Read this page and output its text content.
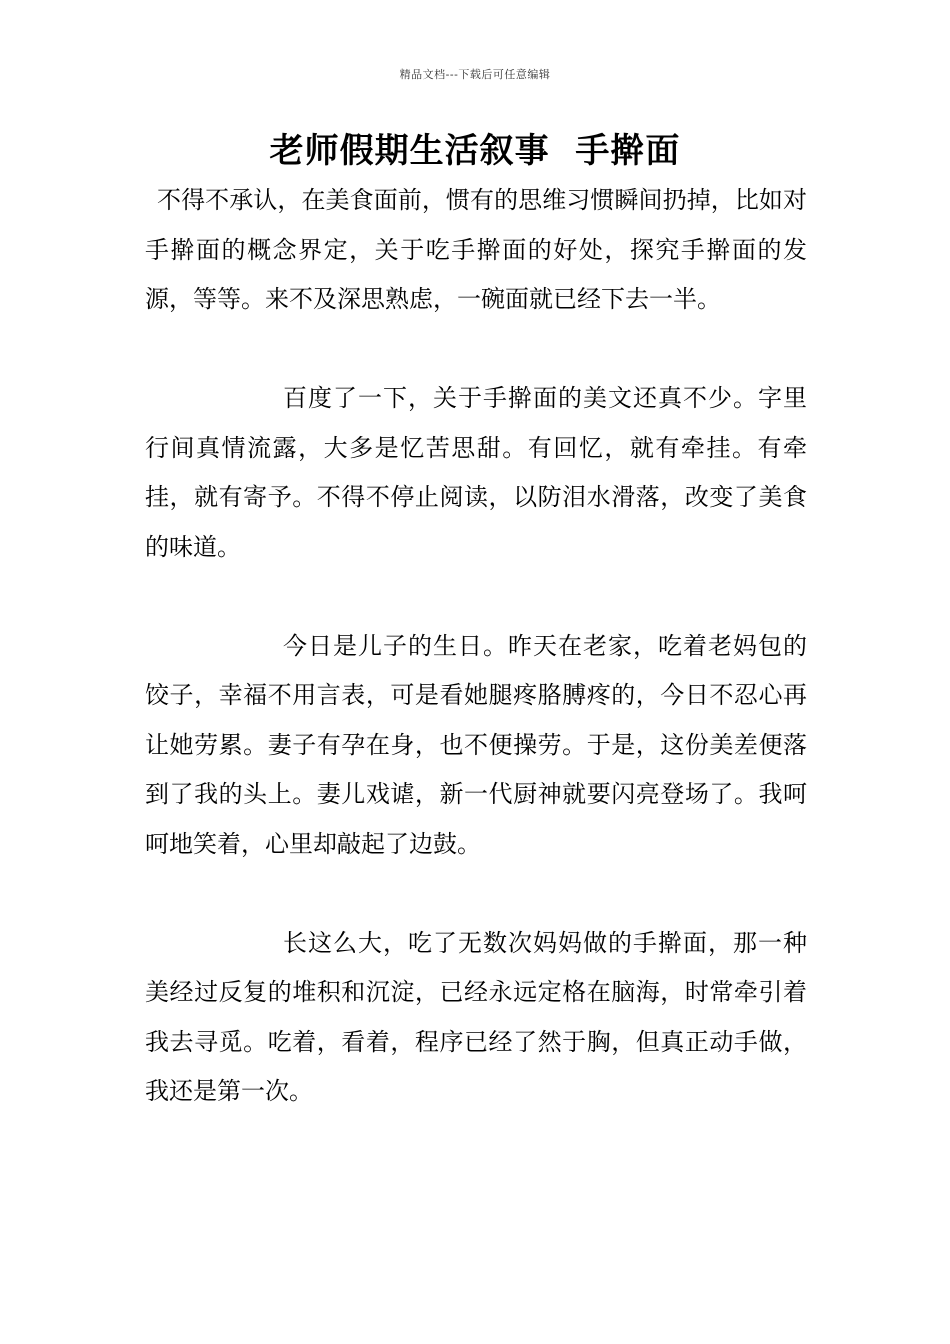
精品文档---下载后可任意编辑
老师假期生活叙事  手擀面

不得不承认，在美食面前，惯有的思维习惯瞬间扔掉，比如对手擀面的概念界定，关于吃手擀面的好处，探究手擀面的发源，等等。来不及深思熟虑，一碗面就已经下去一半。

百度了一下，关于手擀面的美文还真不少。字里行间真情流露，大多是忆苦思甜。有回忆，就有牵挂。有牵挂，就有寄予。不得不停止阅读，以防泪水滑落，改变了美食的味道。

今日是儿子的生日。昨天在老家，吃着老妈包的饺子，幸福不用言表，可是看她腿疼胳膊疼的，今日不忍心再让她劳累。妻子有孕在身，也不便操劳。于是，这份美差便落到了我的头上。妻儿戏谑，新一代厨神就要闪亮登场了。我呵呵地笑着，心里却敲起了边鼓。

长这么大，吃了无数次妈妈做的手擀面，那一种美经过反复的堆积和沉淀，已经永远定格在脑海，时常牵引着我去寻觅。吃着，看着，程序已经了然于胸，但真正动手做，我还是第一次。
